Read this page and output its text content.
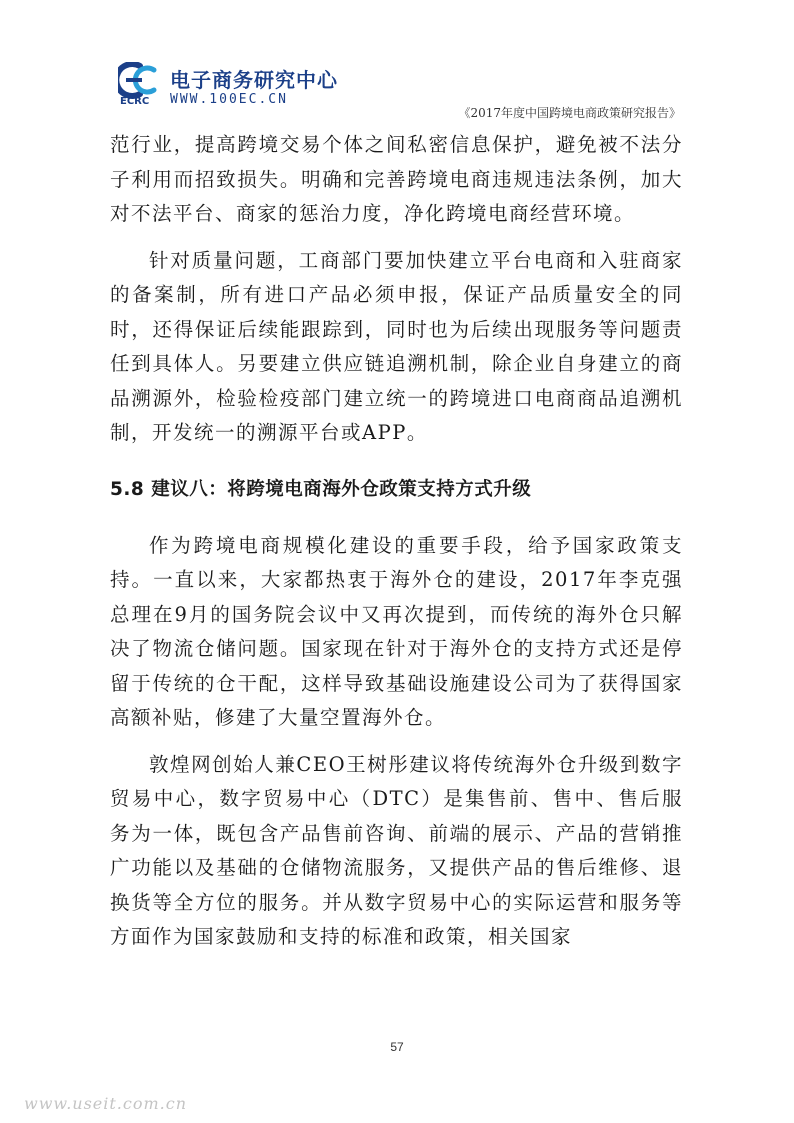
电子商务研究中心
ECRC WWW.100EC.CN
《2017年度中国跨境电商政策研究报告》

范行业，提高跨境交易个体之间私密信息保护，避免被不法分子利用而招致损失。明确和完善跨境电商违规违法条例，加大对不法平台、商家的惩治力度，净化跨境电商经营环境。

针对质量问题，工商部门要加快建立平台电商和入驻商家的备案制，所有进口产品必须申报，保证产品质量安全的同时，还得保证后续能跟踪到，同时也为后续出现服务等问题责任到具体人。另要建立供应链追溯机制，除企业自身建立的商品溯源外，检验检疫部门建立统一的跨境进口电商商品追溯机制，开发统一的溯源平台或APP。

5.8 建议八：将跨境电商海外仓政策支持方式升级

作为跨境电商规模化建设的重要手段，给予国家政策支持。一直以来，大家都热衷于海外仓的建设，2017年李克强总理在9月的国务院会议中又再次提到，而传统的海外仓只解决了物流仓储问题。国家现在针对于海外仓的支持方式还是停留于传统的仓干配，这样导致基础设施建设公司为了获得国家高额补贴，修建了大量空置海外仓。

敦煌网创始人兼CEO王树彤建议将传统海外仓升级到数字贸易中心，数字贸易中心（DTC）是集售前、售中、售后服务为一体，既包含产品售前咨询、前端的展示、产品的营销推广功能以及基础的仓储物流服务，又提供产品的售后维修、退换货等全方位的服务。并从数字贸易中心的实际运营和服务等方面作为国家鼓励和支持的标准和政策，相关国家

57
www.useit.com.cn
